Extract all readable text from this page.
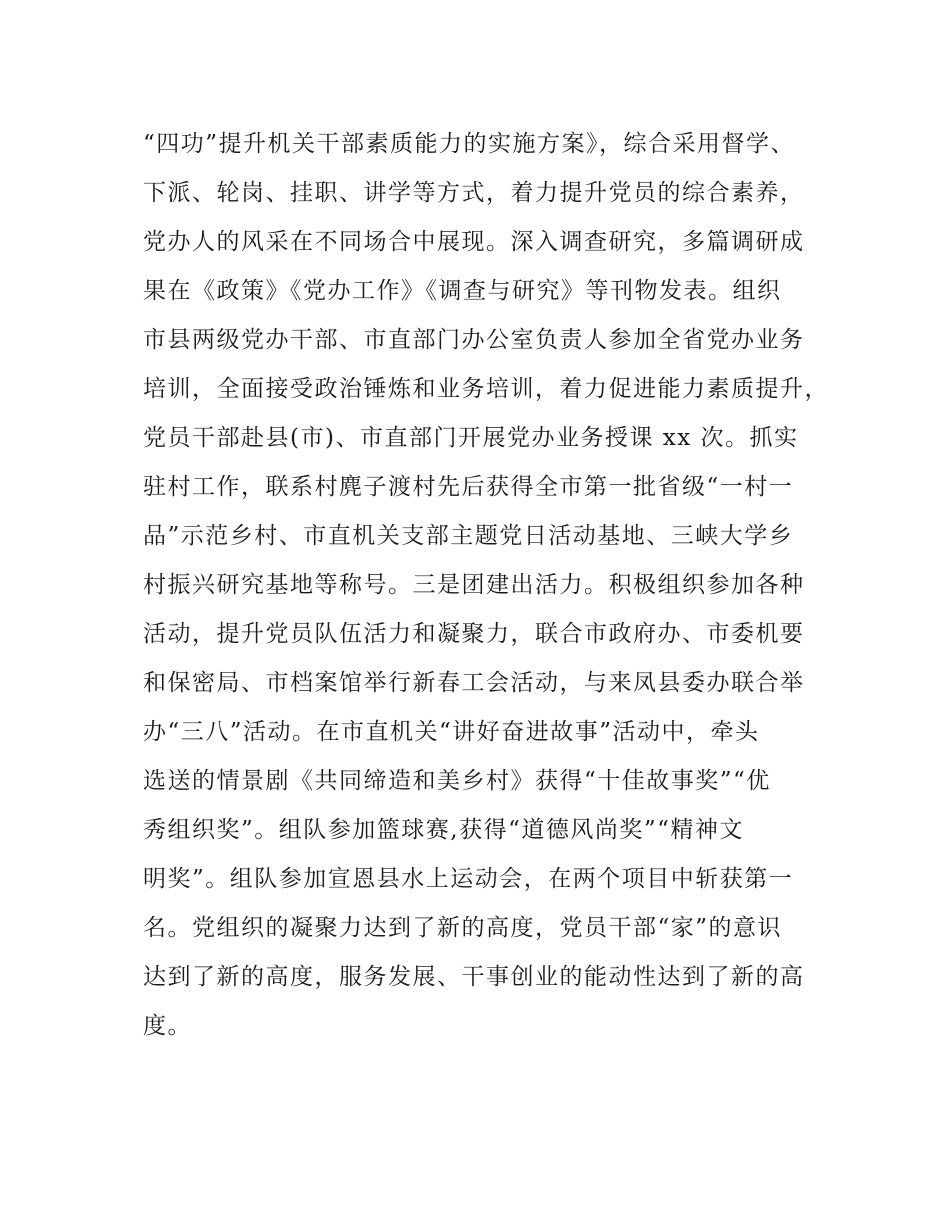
“四功”提升机关干部素质能力的实施方案》，综合采用督学、
下派、轮岗、挂职、讲学等方式，着力提升党员的综合素养，
党办人的风采在不同场合中展现。深入调查研究，多篇调研成
果在《政策》《党办工作》《调查与研究》等刊物发表。组织
市县两级党办干部、市直部门办公室负责人参加全省党办业务
培训，全面接受政治锤炼和业务培训，着力促进能力素质提升，
党员干部赴县(市)、市直部门开展党办业务授课 xx 次。抓实
驻村工作，联系村麂子渡村先后获得全市第一批省级“一村一
品”示范乡村、市直机关支部主题党日活动基地、三峡大学乡
村振兴研究基地等称号。三是团建出活力。积极组织参加各种
活动，提升党员队伍活力和凝聚力，联合市政府办、市委机要
和保密局、市档案馆举行新春工会活动，与来凤县委办联合举
办“三八”活动。在市直机关“讲好奋进故事”活动中，牵头
选送的情景剧《共同缔造和美乡村》获得“十佳故事奖”“优
秀组织奖”。组队参加篮球赛,获得“道德风尚奖”“精神文
明奖”。组队参加宣恩县水上运动会，在两个项目中斩获第一
名。党组织的凝聚力达到了新的高度，党员干部“家”的意识
达到了新的高度，服务发展、干事创业的能动性达到了新的高
度。
